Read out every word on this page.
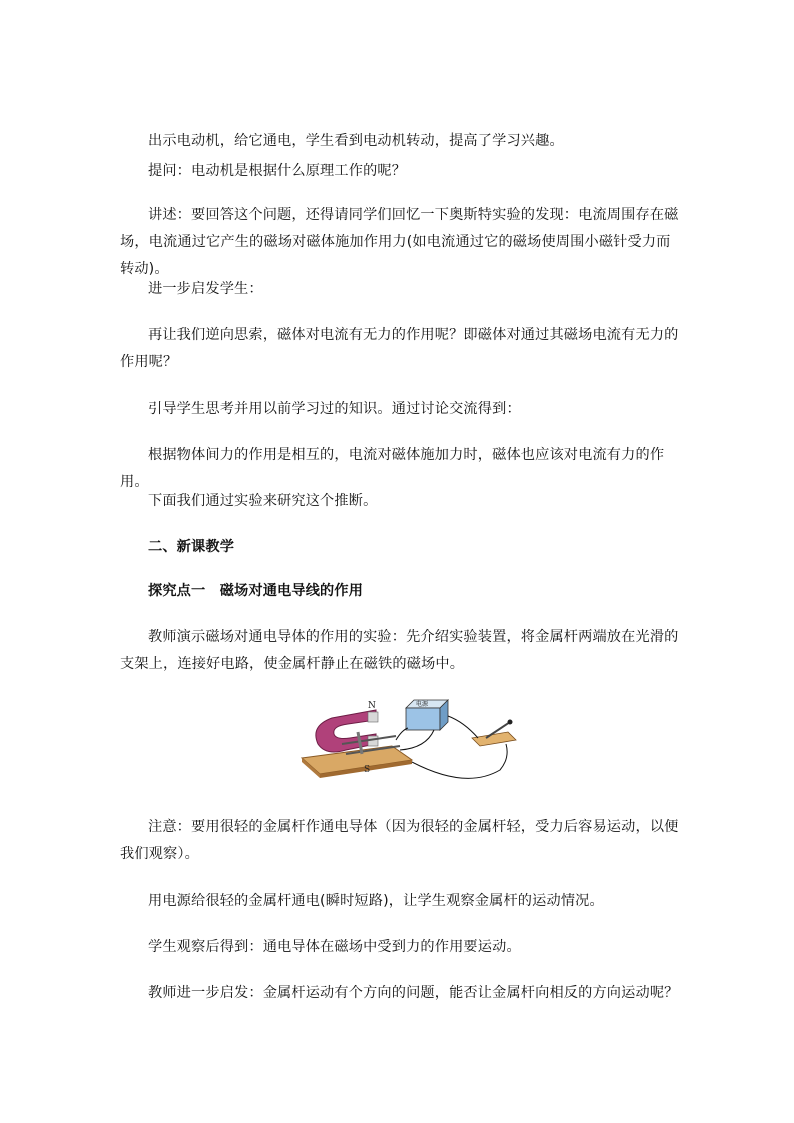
出示电动机，给它通电，学生看到电动机转动，提高了学习兴趣。

提问：电动机是根据什么原理工作的呢？

讲述：要回答这个问题，还得请同学们回忆一下奥斯特实验的发现：电流周围存在磁场，电流通过它产生的磁场对磁体施加作用力(如电流通过它的磁场使周围小磁针受力而转动)。

进一步启发学生：

再让我们逆向思索，磁体对电流有无力的作用呢？即磁体对通过其磁场电流有无力的作用呢？

引导学生思考并用以前学习过的知识。通过讨论交流得到：

根据物体间力的作用是相互的，电流对磁体施加力时，磁体也应该对电流有力的作用。

下面我们通过实验来研究这个推断。

二、新课教学

探究点一　磁场对通电导线的作用

教师演示磁场对通电导体的作用的实验：先介绍实验装置，将金属杆两端放在光滑的支架上，连接好电路，使金属杆静止在磁铁的磁场中。

N
S
电源

注意：要用很轻的金属杆作通电导体（因为很轻的金属杆轻，受力后容易运动，以便我们观察）。

用电源给很轻的金属杆通电(瞬时短路)，让学生观察金属杆的运动情况。

学生观察后得到：通电导体在磁场中受到力的作用要运动。

教师进一步启发：金属杆运动有个方向的问题，能否让金属杆向相反的方向运动呢？
